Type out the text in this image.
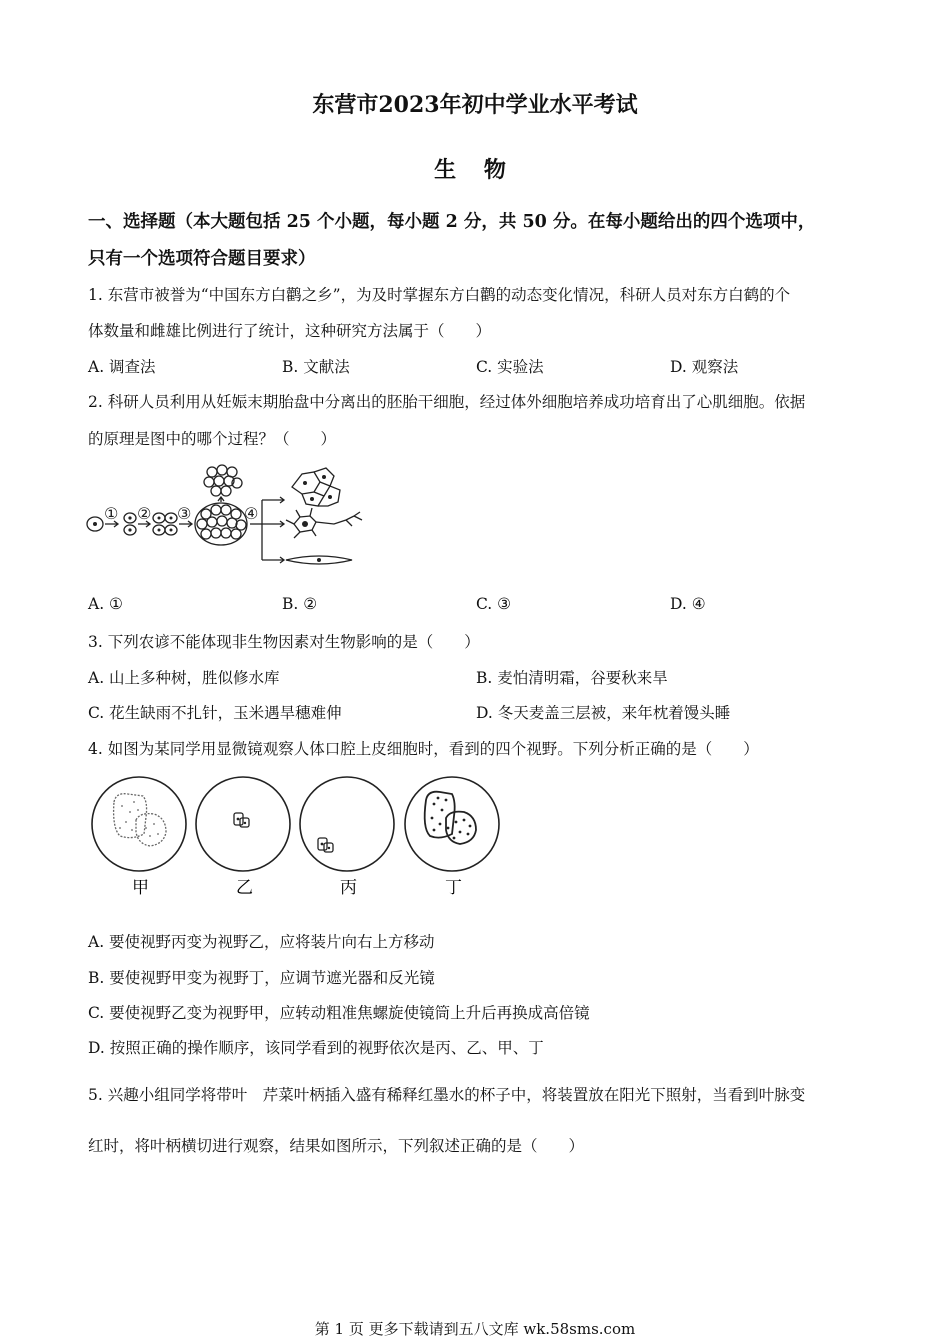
东营市2023年初中学业水平考试
生 物
一、选择题（本大题包括 25 个小题，每小题 2 分，共 50 分。在每小题给出的四个选项中，
只有一个选项符合题目要求）
1. 东营市被誉为“中国东方白鹳之乡”，为及时掌握东方白鹳的动态变化情况，科研人员对东方白鹤的个
体数量和雌雄比例进行了统计，这种研究方法属于（　　）
A. 调查法	B. 文献法	C. 实验法	D. 观察法
2. 科研人员利用从妊娠末期胎盘中分离出的胚胎干细胞，经过体外细胞培养成功培育出了心肌细胞。依据
的原理是图中的哪个过程？（　　）
① ② ③	④
A. ①	B. ②	C. ③	D. ④
3. 下列农谚不能体现非生物因素对生物影响的是（　　）
A. 山上多种树，胜似修水库	B. 麦怕清明霜，谷要秋来旱
C. 花生缺雨不扎针，玉米遇旱穗难伸	D. 冬天麦盖三层被，来年枕着馒头睡
4. 如图为某同学用显微镜观察人体口腔上皮细胞时，看到的四个视野。下列分析正确的是（　　）
甲	乙	丙	丁
A. 要使视野丙变为视野乙，应将装片向右上方移动
B. 要使视野甲变为视野丁，应调节遮光器和反光镜
C. 要使视野乙变为视野甲，应转动粗准焦螺旋使镜筒上升后再换成高倍镜
D. 按照正确的操作顺序，该同学看到的视野依次是丙、乙、甲、丁
5. 兴趣小组同学将带叶　芹菜叶柄插入盛有稀释红墨水的杯子中，将装置放在阳光下照射，当看到叶脉变
红时，将叶柄横切进行观察，结果如图所示，下列叙述正确的是（　　）
第 1 页 更多下载请到五八文库 wk.58sms.com
